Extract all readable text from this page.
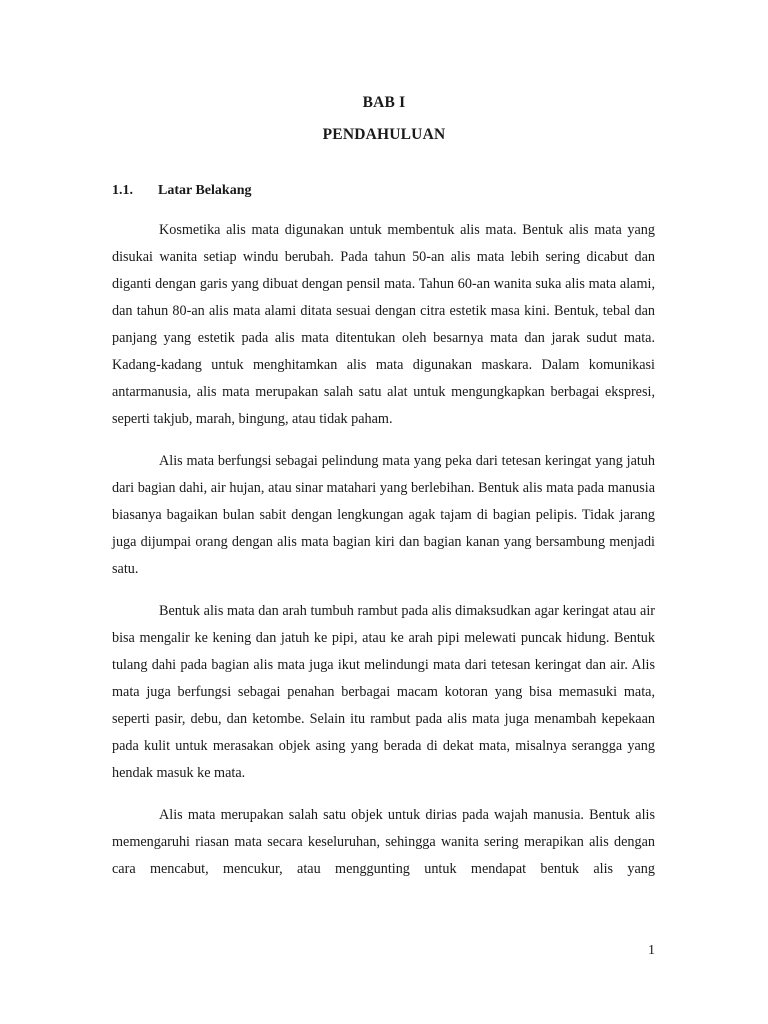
BAB I
PENDAHULUAN
1.1. Latar Belakang

Kosmetika alis mata digunakan untuk membentuk alis mata. Bentuk alis mata yang disukai wanita setiap windu berubah. Pada tahun 50-an alis mata lebih sering dicabut dan diganti dengan garis yang dibuat dengan pensil mata. Tahun 60-an wanita suka alis mata alami, dan tahun 80-an alis mata alami ditata sesuai dengan citra estetik masa kini. Bentuk, tebal dan panjang yang estetik pada alis mata ditentukan oleh besarnya mata dan jarak sudut mata. Kadang-kadang untuk menghitamkan alis mata digunakan maskara. Dalam komunikasi antarmanusia, alis mata merupakan salah satu alat untuk mengungkapkan berbagai ekspresi, seperti takjub, marah, bingung, atau tidak paham.

Alis mata berfungsi sebagai pelindung mata yang peka dari tetesan keringat yang jatuh dari bagian dahi, air hujan, atau sinar matahari yang berlebihan. Bentuk alis mata pada manusia biasanya bagaikan bulan sabit dengan lengkungan agak tajam di bagian pelipis. Tidak jarang juga dijumpai orang dengan alis mata bagian kiri dan bagian kanan yang bersambung menjadi satu.

Bentuk alis mata dan arah tumbuh rambut pada alis dimaksudkan agar keringat atau air bisa mengalir ke kening dan jatuh ke pipi, atau ke arah pipi melewati puncak hidung. Bentuk tulang dahi pada bagian alis mata juga ikut melindungi mata dari tetesan keringat dan air. Alis mata juga berfungsi sebagai penahan berbagai macam kotoran yang bisa memasuki mata, seperti pasir, debu, dan ketombe. Selain itu rambut pada alis mata juga menambah kepekaan pada kulit untuk merasakan objek asing yang berada di dekat mata, misalnya serangga yang hendak masuk ke mata.

Alis mata merupakan salah satu objek untuk dirias pada wajah manusia. Bentuk alis memengaruhi riasan mata secara keseluruhan, sehingga wanita sering merapikan alis dengan cara mencabut, mencukur, atau menggunting untuk mendapat bentuk alis yang

1
